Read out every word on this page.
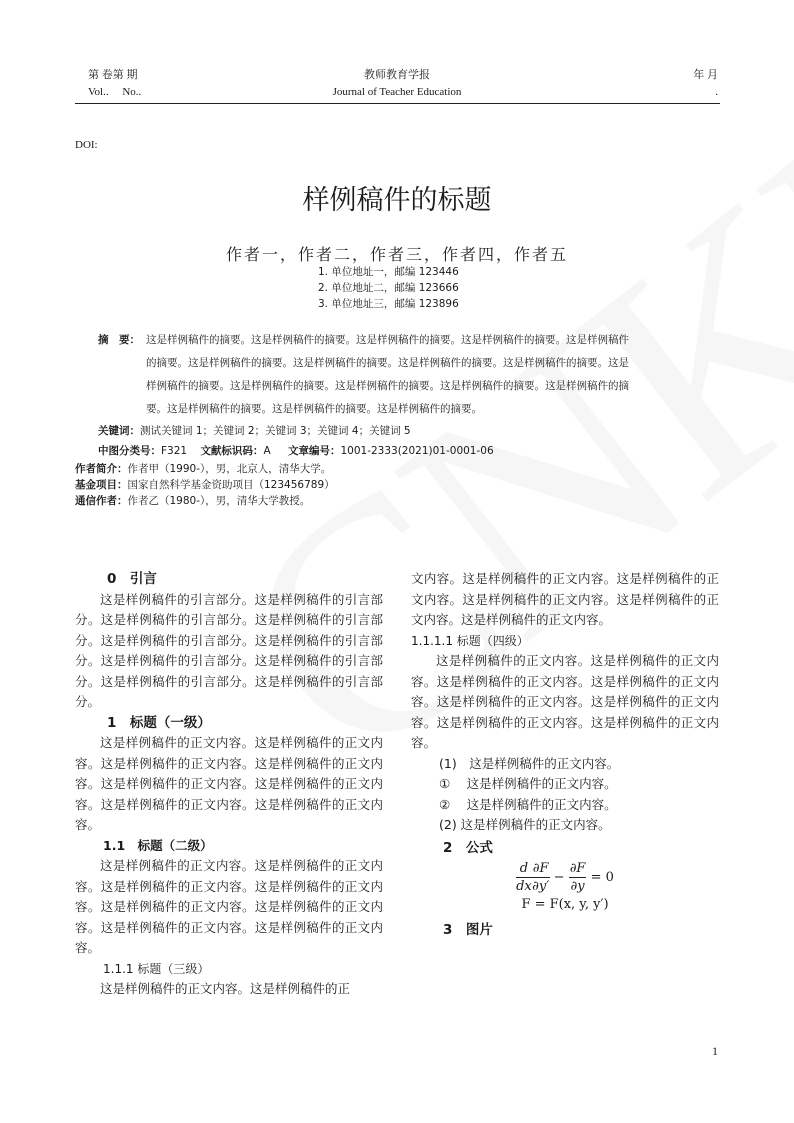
第 卷第 期
Vol..     No..
教师教育学报
Journal of Teacher Education
年 月
.
DOI:
样例稿件的标题
作者一，作者二，作者三，作者四，作者五
1. 单位地址一，邮编 123446
2. 单位地址二，邮编 123666
3. 单位地址三，邮编 123896
摘　要： 这是样例稿件的摘要。这是样例稿件的摘要。这是样例稿件的摘要。这是样例稿件的摘要。这是样例稿件
的摘要。这是样例稿件的摘要。这是样例稿件的摘要。这是样例稿件的摘要。这是样例稿件的摘要。这是
样例稿件的摘要。这是样例稿件的摘要。这是样例稿件的摘要。这是样例稿件的摘要。这是样例稿件的摘
要。这是样例稿件的摘要。这是样例稿件的摘要。这是样例稿件的摘要。
关键词：测试关键词 1；关键词 2；关键词 3；关键词 4；关键词 5
中图分类号：F321 文献标识码：A 文章编号：1001-2333(2021)01-0001-06
作者简介：作者甲（1990-），男，北京人，清华大学。
基金项目：国家自然科学基金资助项目（123456789）
通信作者：作者乙（1980-），男，清华大学教授。

0　引言

这是样例稿件的引言部分。这是样例稿件的引言部分。这是样例稿件的引言部分。这是样例稿件的引言部分。这是样例稿件的引言部分。这是样例稿件的引言部分。这是样例稿件的引言部分。这是样例稿件的引言部分。这是样例稿件的引言部分。这是样例稿件的引言部分。

1　标题（一级）

这是样例稿件的正文内容。这是样例稿件的正文内容。这是样例稿件的正文内容。这是样例稿件的正文内容。这是样例稿件的正文内容。这是样例稿件的正文内容。这是样例稿件的正文内容。这是样例稿件的正文内容。

1.1　标题（二级）

这是样例稿件的正文内容。这是样例稿件的正文内容。这是样例稿件的正文内容。这是样例稿件的正文内容。这是样例稿件的正文内容。这是样例稿件的正文内容。这是样例稿件的正文内容。这是样例稿件的正文内容。

1.1.1 标题（三级）

这是样例稿件的正文内容。这是样例稿件的正

文内容。这是样例稿件的正文内容。这是样例稿件的正文内容。这是样例稿件的正文内容。这是样例稿件的正文内容。这是样例稿件的正文内容。

1.1.1.1 标题（四级）

这是样例稿件的正文内容。这是样例稿件的正文内容。这是样例稿件的正文内容。这是样例稿件的正文内容。这是样例稿件的正文内容。这是样例稿件的正文内容。这是样例稿件的正文内容。这是样例稿件的正文内容。

(1)　这是样例稿件的正文内容。

①　 这是样例稿件的正文内容。

②　 这是样例稿件的正文内容。

(2) 这是样例稿件的正文内容。

2　公式

$\frac{d}{dx} \frac{\partial F}{\partial y'} - \frac{\partial F}{\partial y} = 0$
F = F(x, y, y′)

3　图片

1
